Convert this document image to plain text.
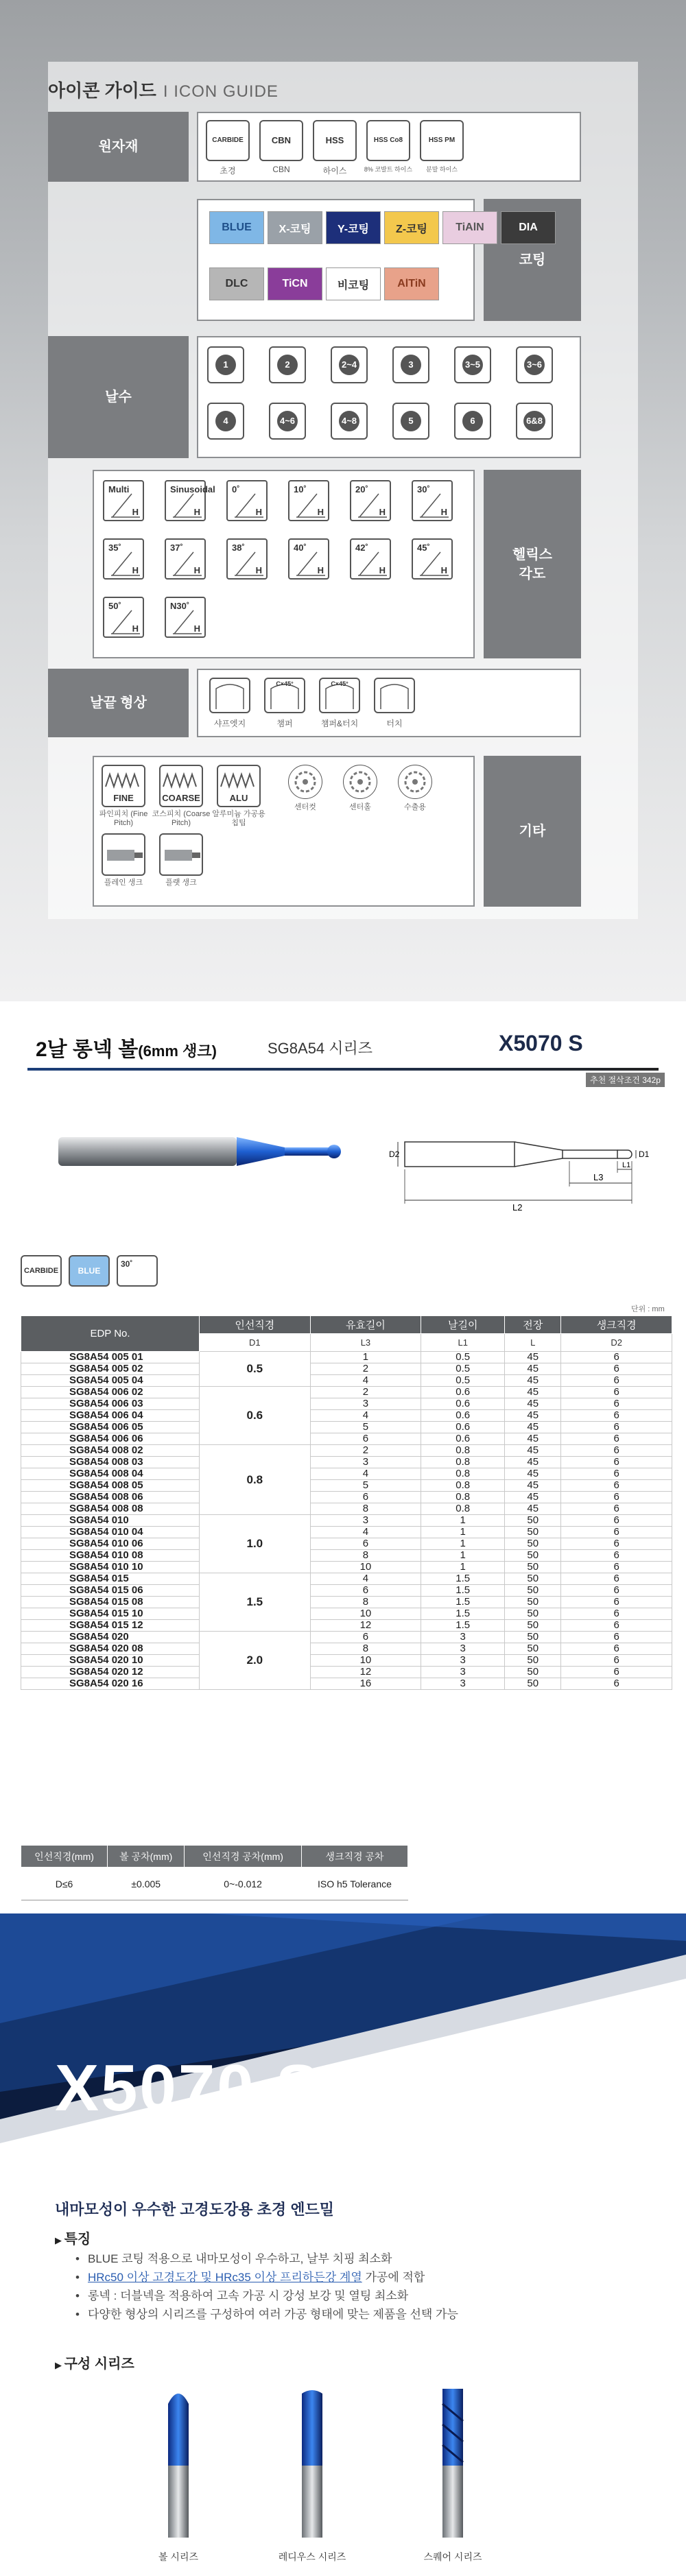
아이콘 가이드 I ICON GUIDE
원자재	CARBIDE
초경
CBN
CBN
HSS
하이스
HSS Co8
8% 코발트 하이스
HSS PM
분말 하이스
코팅
BLUE	X-코팅	Y-코팅	Z-코팅	TiAlN	DIA
DLC	TiCN	비코팅	AlTiN
날수
1	2	2~4	3	3~5	3~6
4	4~6	4~8	5	6	6&8
헬릭스 각도
Multi
H
Sinusoidal
H
0˚
H
10˚
H
20˚
H
30˚
H
35˚
H
37˚
H
38˚
H
40˚
H
42˚
H
45˚
H
50˚
H
N30˚
H
날끝 형상
샤프엣지
C×45°
챔퍼
C×45°
챔퍼&터치	터치
기타
FINE
파인피치 (Fine Pitch)
COARSE
코스피치 (Coarse Pitch)
ALU
알루미늄 가공용 칩팁
센터컷	센터홀	수출용
플레인 생크	플랫 생크
2날 롱넥 볼(6mm 생크)	SG8A54 시리즈	X5070 S
추천 절삭조건 342p
D2	D1
L2
L3
L1
CARBIDE	BLUE
30˚
단위 : mm
EDP No.	인선직경	유효길이	날길이	전장	생크직경
	D1	L3	L1	L	D2
SG8A54 005 01	0.5	1	0.5	45	6
SG8A54 005 02		2	0.5	45	6
SG8A54 005 04		4	0.5	45	6
SG8A54 006 02	0.6	2	0.6	45	6
SG8A54 006 03		3	0.6	45	6
SG8A54 006 04		4	0.6	45	6
SG8A54 006 05		5	0.6	45	6
SG8A54 006 06		6	0.6	45	6
SG8A54 008 02	0.8	2	0.8	45	6
SG8A54 008 03		3	0.8	45	6
SG8A54 008 04		4	0.8	45	6
SG8A54 008 05		5	0.8	45	6
SG8A54 008 06		6	0.8	45	6
SG8A54 008 08		8	0.8	45	6
SG8A54 010	1.0	3	1	50	6
SG8A54 010 04		4	1	50	6
SG8A54 010 06		6	1	50	6
SG8A54 010 08		8	1	50	6
SG8A54 010 10		10	1	50	6
SG8A54 015	1.5	4	1.5	50	6
SG8A54 015 06		6	1.5	50	6
SG8A54 015 08		8	1.5	50	6
SG8A54 015 10		10	1.5	50	6
SG8A54 015 12		12	1.5	50	6
SG8A54 020	2.0	6	3	50	6
SG8A54 020 08		8	3	50	6
SG8A54 020 10		10	3	50	6
SG8A54 020 12		12	3	50	6
SG8A54 020 16		16	3	50	6
인선직경(mm)	볼 공차(mm)	인선직경 공차(mm)	생크직경 공차
D≤6	±0.005	0~-0.012	ISO h5 Tolerance
X5070 S
내마모성이 우수한 고경도강용 초경 엔드밀
▶ 특징
• BLUE 코팅 적용으로 내마모성이 우수하고, 날부 치핑 최소화
• HRc50 이상 고경도강 및 HRc35 이상 프리하든강 계열 가공에 적합
• 롱넥 : 더블넥을 적용하여 고속 가공 시 강성 보강 및 열팅 최소화
• 다양한 형상의 시리즈를 구성하여 여러 가공 형태에 맞는 제품을 선택 가능
▶ 구성 시리즈
볼 시리즈	레디우스 시리즈	스퀘어 시리즈
